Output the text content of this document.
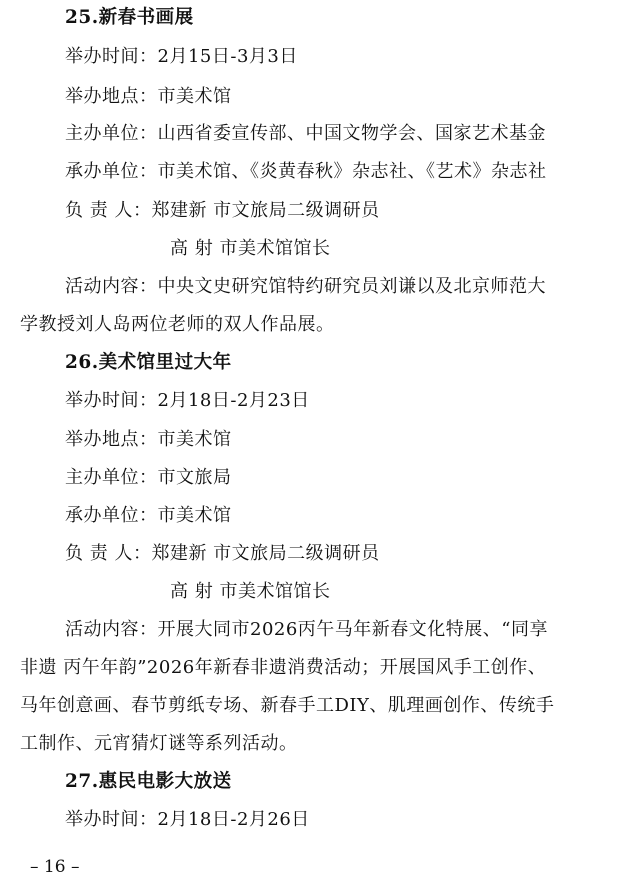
25.新春书画展
举办时间：2月15日-3月3日
举办地点：市美术馆
主办单位：山西省委宣传部、中国文物学会、国家艺术基金
承办单位：市美术馆、《炎黄春秋》杂志社、《艺术》杂志社
负 责 人：郑建新 市文旅局二级调研员
高 射 市美术馆馆长
活动内容：中央文史研究馆特约研究员刘谦以及北京师范大
学教授刘人岛两位老师的双人作品展。
26.美术馆里过大年
举办时间：2月18日-2月23日
举办地点：市美术馆
主办单位：市文旅局
承办单位：市美术馆
负 责 人：郑建新 市文旅局二级调研员
高 射 市美术馆馆长
活动内容：开展大同市2026丙午马年新春文化特展、“同享
非遗 丙午年韵”2026年新春非遗消费活动；开展国风手工创作、
马年创意画、春节剪纸专场、新春手工DIY、肌理画创作、传统手
工制作、元宵猜灯谜等系列活动。
27.惠民电影大放送
举办时间：2月18日-2月26日
– 16 –
